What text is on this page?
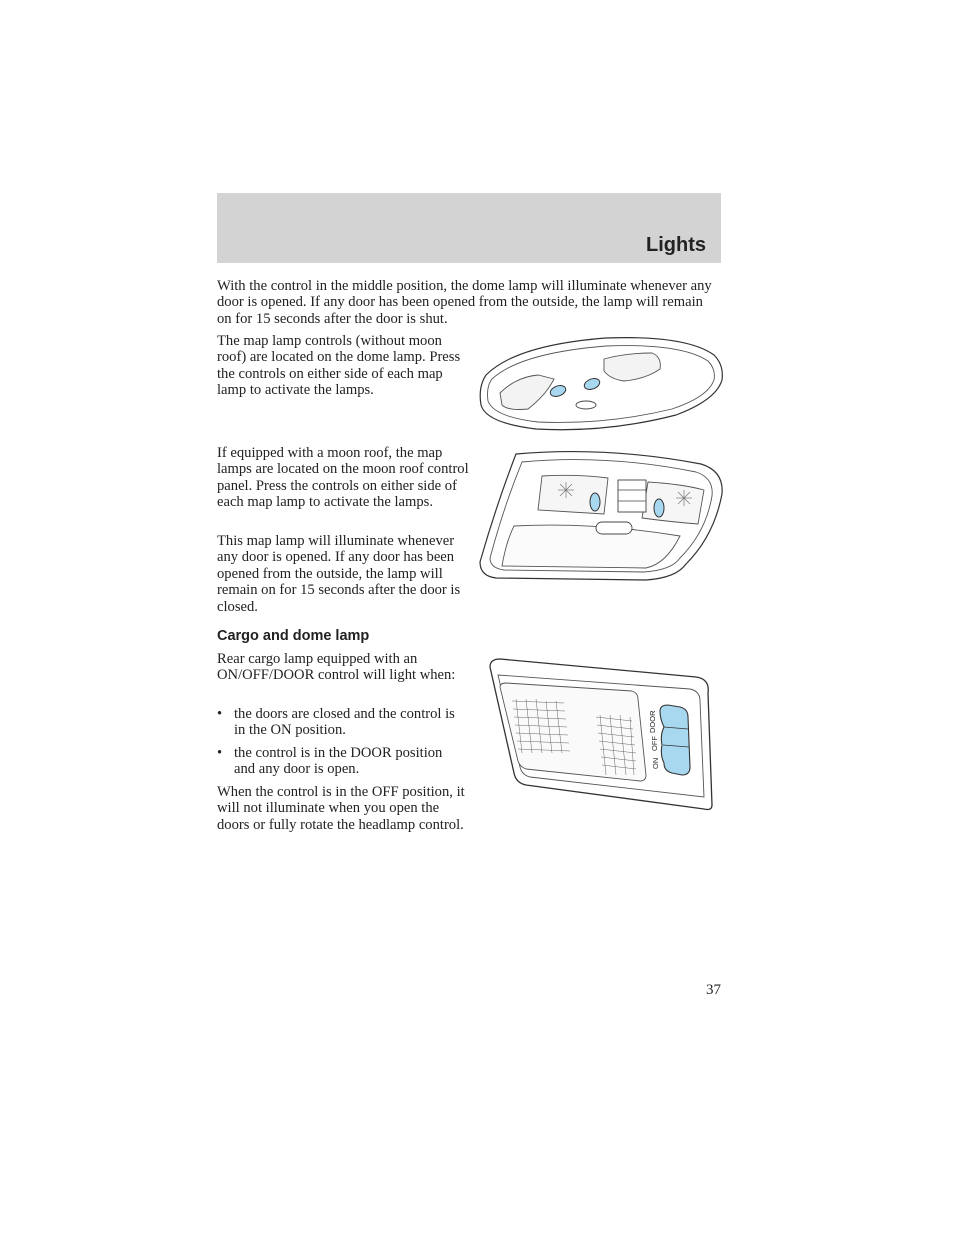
Lights

With the control in the middle position, the dome lamp will illuminate whenever any door is opened. If any door has been opened from the outside, the lamp will remain on for 15 seconds after the door is shut.

The map lamp controls (without moon roof) are located on the dome lamp. Press the controls on either side of each map lamp to activate the lamps.

If equipped with a moon roof, the map lamps are located on the moon roof control panel. Press the controls on either side of each map lamp to activate the lamps.

This map lamp will illuminate whenever any door is opened. If any door has been opened from the outside, the lamp will remain on for 15 seconds after the door is closed.

Cargo and dome lamp

Rear cargo lamp equipped with an ON/OFF/DOOR control will light when:

• the doors are closed and the control is in the ON position.
• the control is in the DOOR position and any door is open.

When the control is in the OFF position, it will not illuminate when you open the doors or fully rotate the headlamp control.

ON
OFF
DOOR
37
